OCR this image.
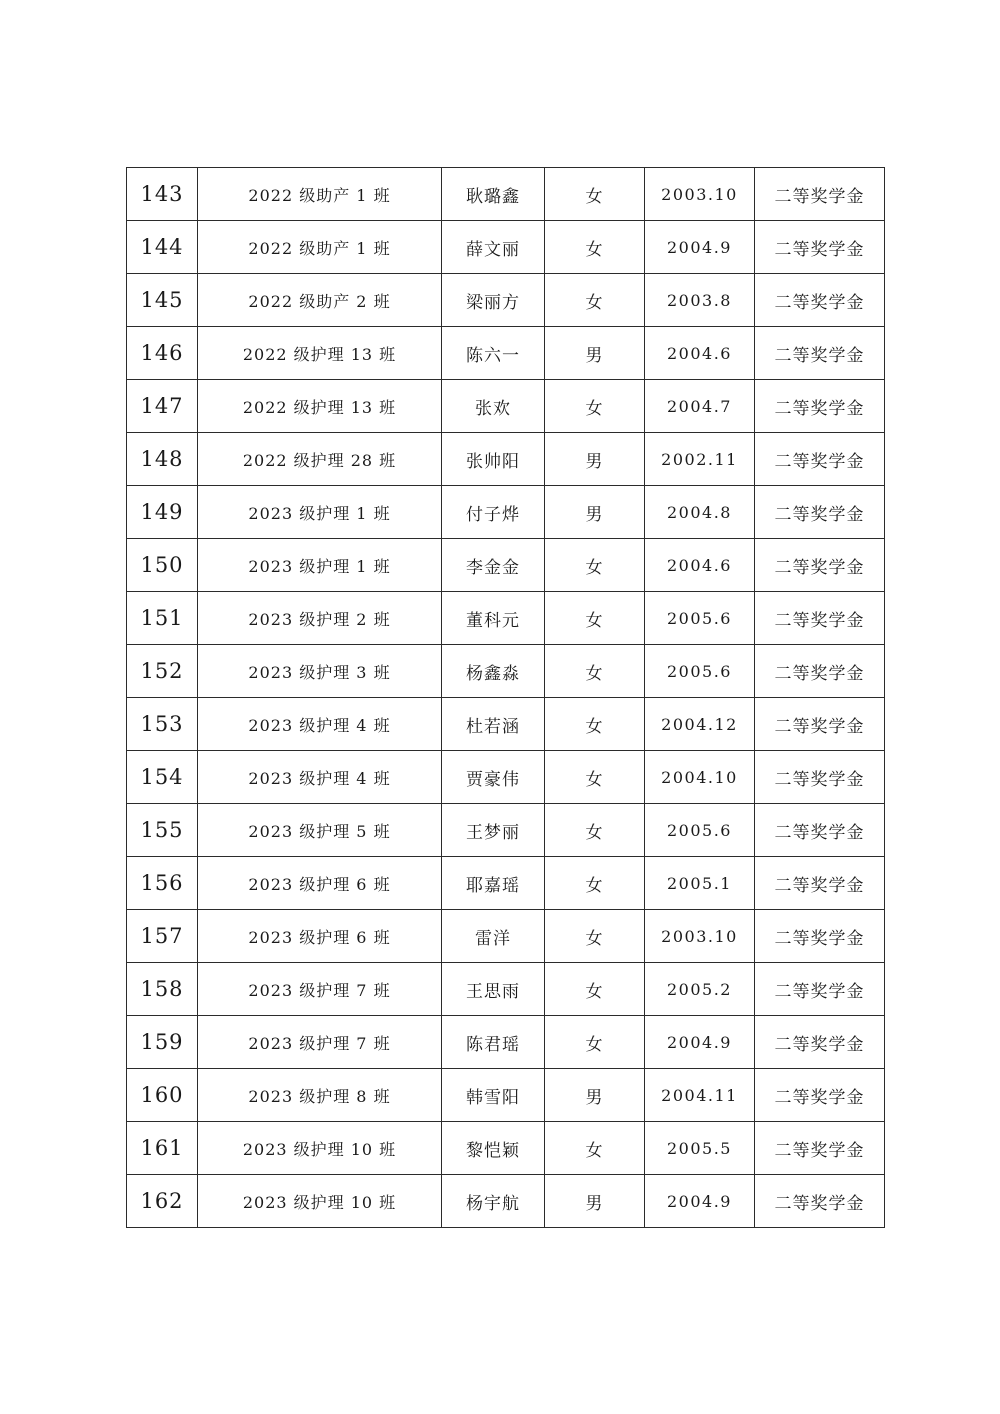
143	2022 级助产 1 班	耿璐鑫	女	2003.10	二等奖学金
144	2022 级助产 1 班	薛文丽	女	2004.9	二等奖学金
145	2022 级助产 2 班	梁丽方	女	2003.8	二等奖学金
146	2022 级护理 13 班	陈六一	男	2004.6	二等奖学金
147	2022 级护理 13 班	张欢	女	2004.7	二等奖学金
148	2022 级护理 28 班	张帅阳	男	2002.11	二等奖学金
149	2023 级护理 1 班	付子烨	男	2004.8	二等奖学金
150	2023 级护理 1 班	李金金	女	2004.6	二等奖学金
151	2023 级护理 2 班	董科元	女	2005.6	二等奖学金
152	2023 级护理 3 班	杨鑫淼	女	2005.6	二等奖学金
153	2023 级护理 4 班	杜若涵	女	2004.12	二等奖学金
154	2023 级护理 4 班	贾豪伟	女	2004.10	二等奖学金
155	2023 级护理 5 班	王梦丽	女	2005.6	二等奖学金
156	2023 级护理 6 班	耶嘉瑶	女	2005.1	二等奖学金
157	2023 级护理 6 班	雷洋	女	2003.10	二等奖学金
158	2023 级护理 7 班	王思雨	女	2005.2	二等奖学金
159	2023 级护理 7 班	陈君瑶	女	2004.9	二等奖学金
160	2023 级护理 8 班	韩雪阳	男	2004.11	二等奖学金
161	2023 级护理 10 班	黎恺颖	女	2005.5	二等奖学金
162	2023 级护理 10 班	杨宇航	男	2004.9	二等奖学金
